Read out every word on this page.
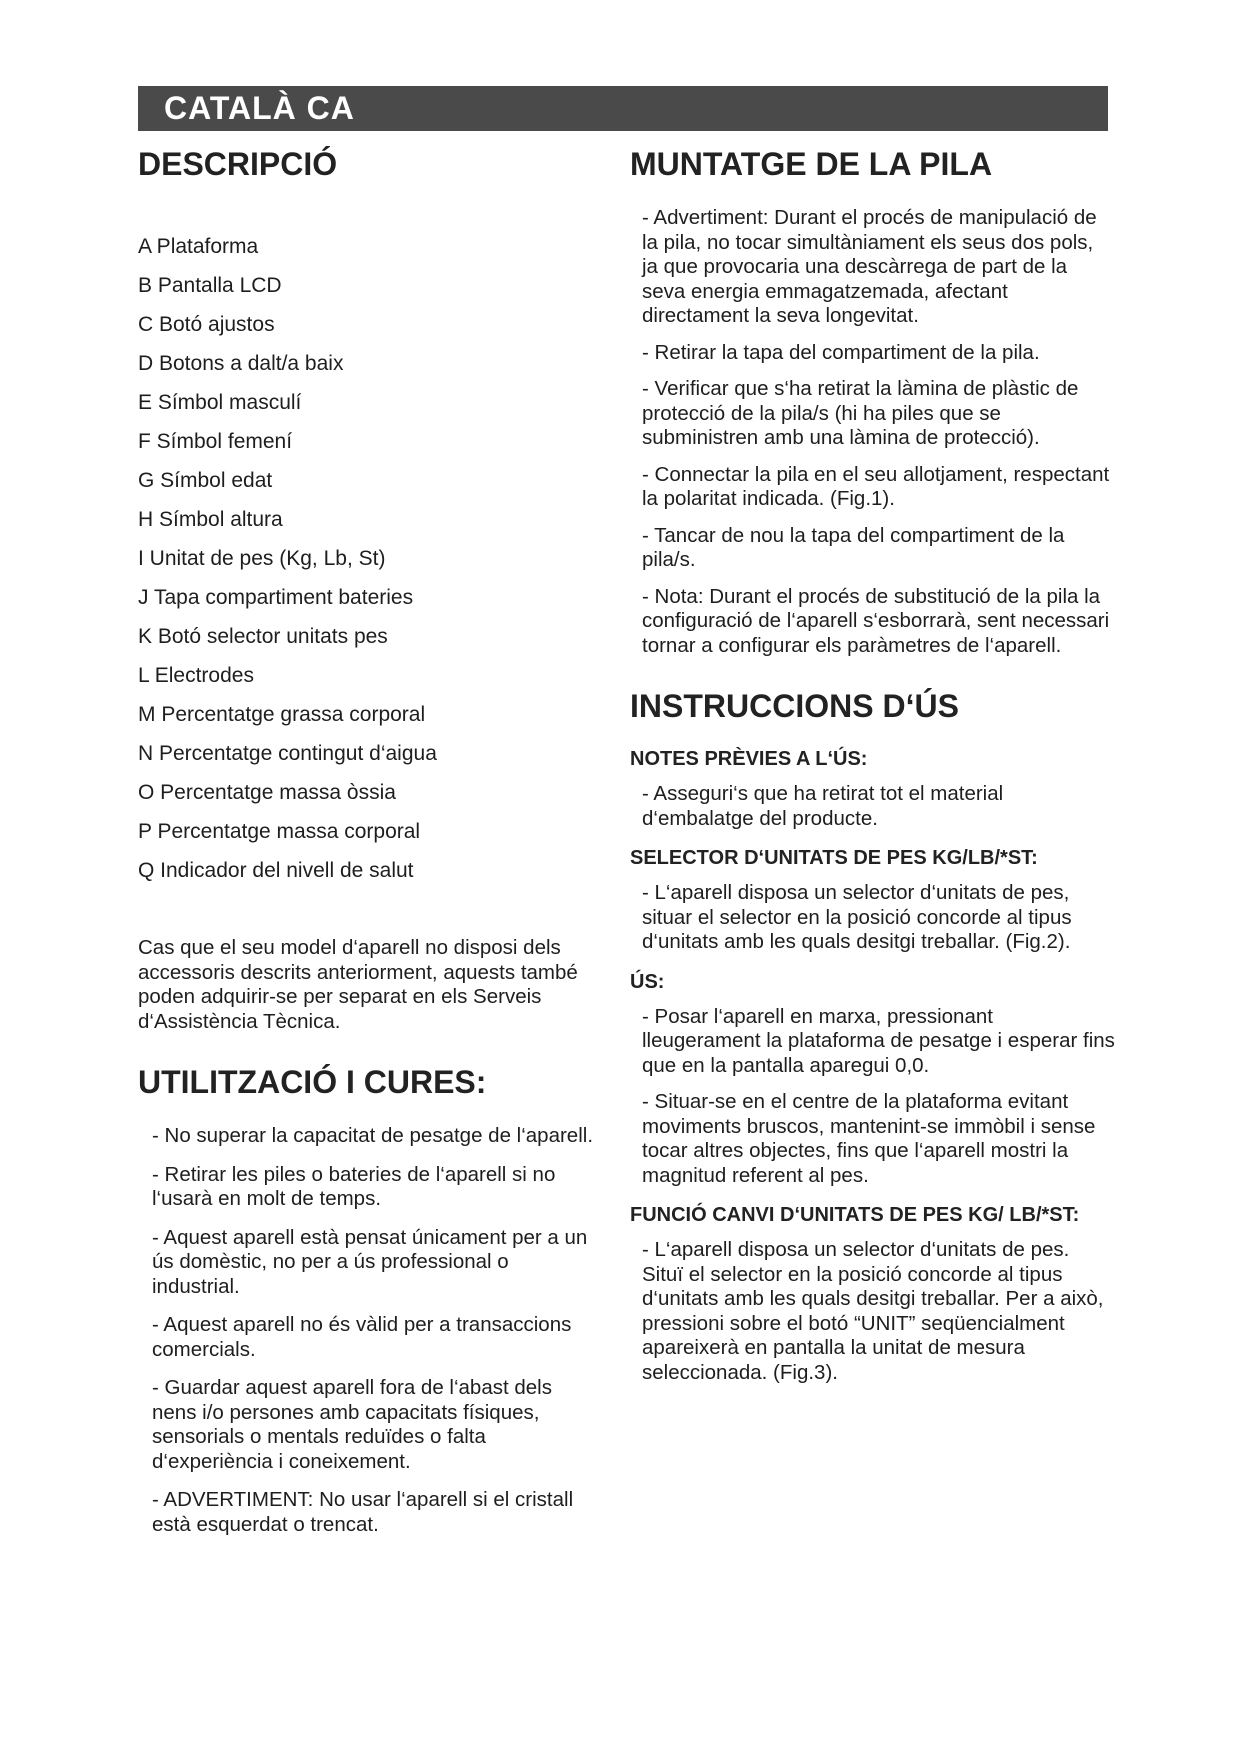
CATALÀ CA
DESCRIPCIÓ
A Plataforma
B Pantalla LCD
C Botó ajustos
D Botons a dalt/a baix
E Símbol masculí
F Símbol femení
G Símbol edat
H Símbol altura
I Unitat de pes (Kg, Lb, St)
J Tapa compartiment bateries
K Botó selector unitats pes
L Electrodes
M Percentatge grassa corporal
N Percentatge contingut d‘aigua
O Percentatge massa òssia
P Percentatge massa corporal
Q Indicador del nivell de salut

Cas que el seu model d‘aparell no disposi dels accessoris descrits anteriorment, aquests també poden adquirir-se per separat en els Serveis d‘Assistència Tècnica.

UTILITZACIÓ I CURES:

- No superar la capacitat de pesatge de l‘aparell.

- Retirar les piles o bateries de l‘aparell si no l‘usarà en molt de temps.

- Aquest aparell està pensat únicament per a un ús domèstic, no per a ús professional o industrial.

- Aquest aparell no és vàlid per a transaccions comercials.

- Guardar aquest aparell fora de l‘abast dels nens i/o persones amb capacitats físiques, sensorials o mentals reduïdes o falta d‘experiència i coneixement.

- ADVERTIMENT: No usar l‘aparell si el cristall està esquerdat o trencat.

MUNTATGE DE LA PILA

- Advertiment: Durant el procés de manipulació de la pila, no tocar simultàniament els seus dos pols, ja que provocaria una descàrrega de part de la seva energia emmagatzemada, afectant directament la seva longevitat.

- Retirar la tapa del compartiment de la pila.

- Verificar que s‘ha retirat la làmina de plàstic de protecció de la pila/s (hi ha piles que se subministren amb una làmina de protecció).

- Connectar la pila en el seu allotjament, respectant la polaritat indicada. (Fig.1).

- Tancar de nou la tapa del compartiment de la pila/s.

- Nota: Durant el procés de substitució de la pila la configuració de l‘aparell s‘esborrarà, sent necessari tornar a configurar els paràmetres de l‘aparell.

INSTRUCCIONS D‘ÚS
NOTES PRÈVIES A L‘ÚS:

- Asseguri‘s que ha retirat tot el material d‘embalatge del producte.

SELECTOR D‘UNITATS DE PES KG/LB/*ST:

- L‘aparell disposa un selector d‘unitats de pes, situar el selector en la posició concorde al tipus d‘unitats amb les quals desitgi treballar. (Fig.2).

ÚS:

- Posar l‘aparell en marxa, pressionant lleugerament la plataforma de pesatge i esperar fins que en la pantalla aparegui 0,0.

- Situar-se en el centre de la plataforma evitant moviments bruscos, mantenint-se immòbil i sense tocar altres objectes, fins que l‘aparell mostri la magnitud referent al pes.

FUNCIÓ CANVI D‘UNITATS DE PES KG/ LB/*ST:

- L‘aparell disposa un selector d‘unitats de pes. Situï el selector en la posició concorde al tipus d‘unitats amb les quals desitgi treballar. Per a això, pressioni sobre el botó “UNIT” seqüencialment apareixerà en pantalla la unitat de mesura seleccionada. (Fig.3).
